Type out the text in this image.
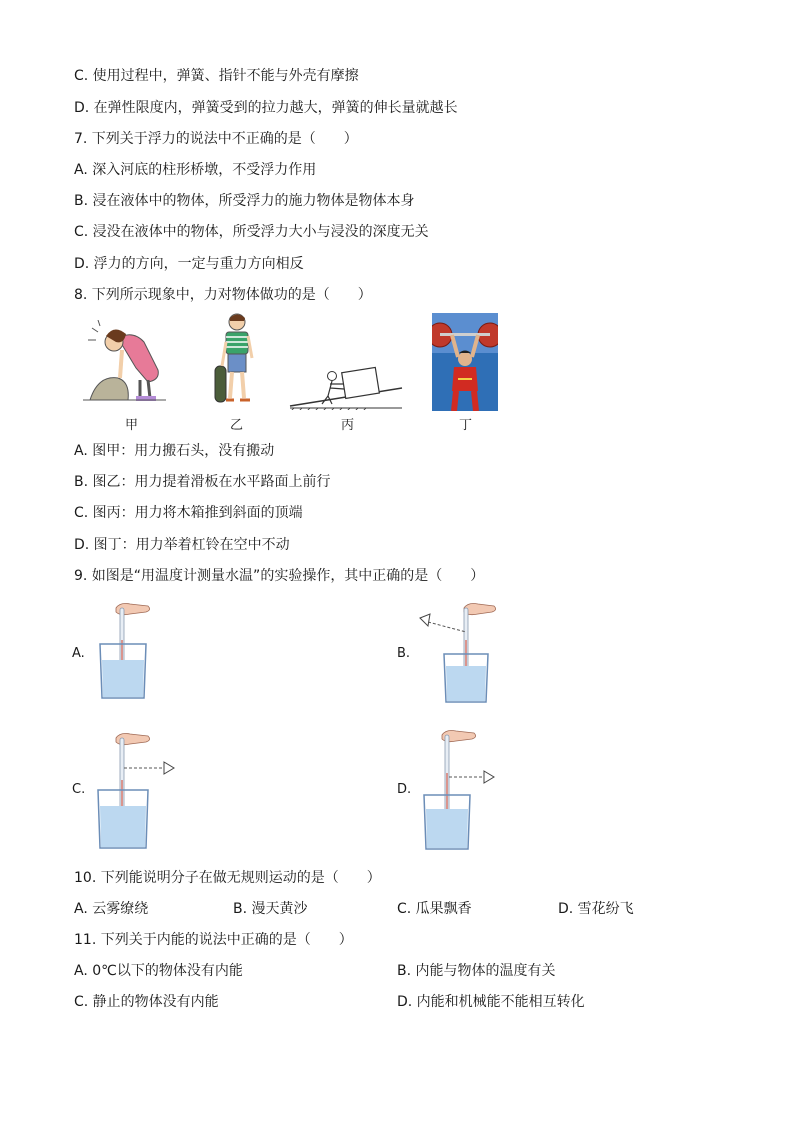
C. 使用过程中，弹簧、指针不能与外壳有摩擦
D. 在弹性限度内，弹簧受到的拉力越大，弹簧的伸长量就越长
7. 下列关于浮力的说法中不正确的是（　　）
A. 深入河底的柱形桥墩，不受浮力作用
B. 浸在液体中的物体，所受浮力的施力物体是物体本身
C. 浸没在液体中的物体，所受浮力大小与浸没的深度无关
D. 浮力的方向，一定与重力方向相反
8. 下列所示现象中，力对物体做功的是（　　）
甲	乙	丙	丁
A. 图甲：用力搬石头，没有搬动
B. 图乙：用力提着滑板在水平路面上前行
C. 图丙：用力将木箱推到斜面的顶端
D. 图丁：用力举着杠铃在空中不动
9. 如图是“用温度计测量水温”的实验操作，其中正确的是（　　）
A.	B.
C.	D.
10. 下列能说明分子在做无规则运动的是（　　）
A. 云雾缭绕	B. 漫天黄沙	C. 瓜果飘香	D. 雪花纷飞
11. 下列关于内能的说法中正确的是（　　）
A. 0℃以下的物体没有内能	B. 内能与物体的温度有关
C. 静止的物体没有内能	D. 内能和机械能不能相互转化
